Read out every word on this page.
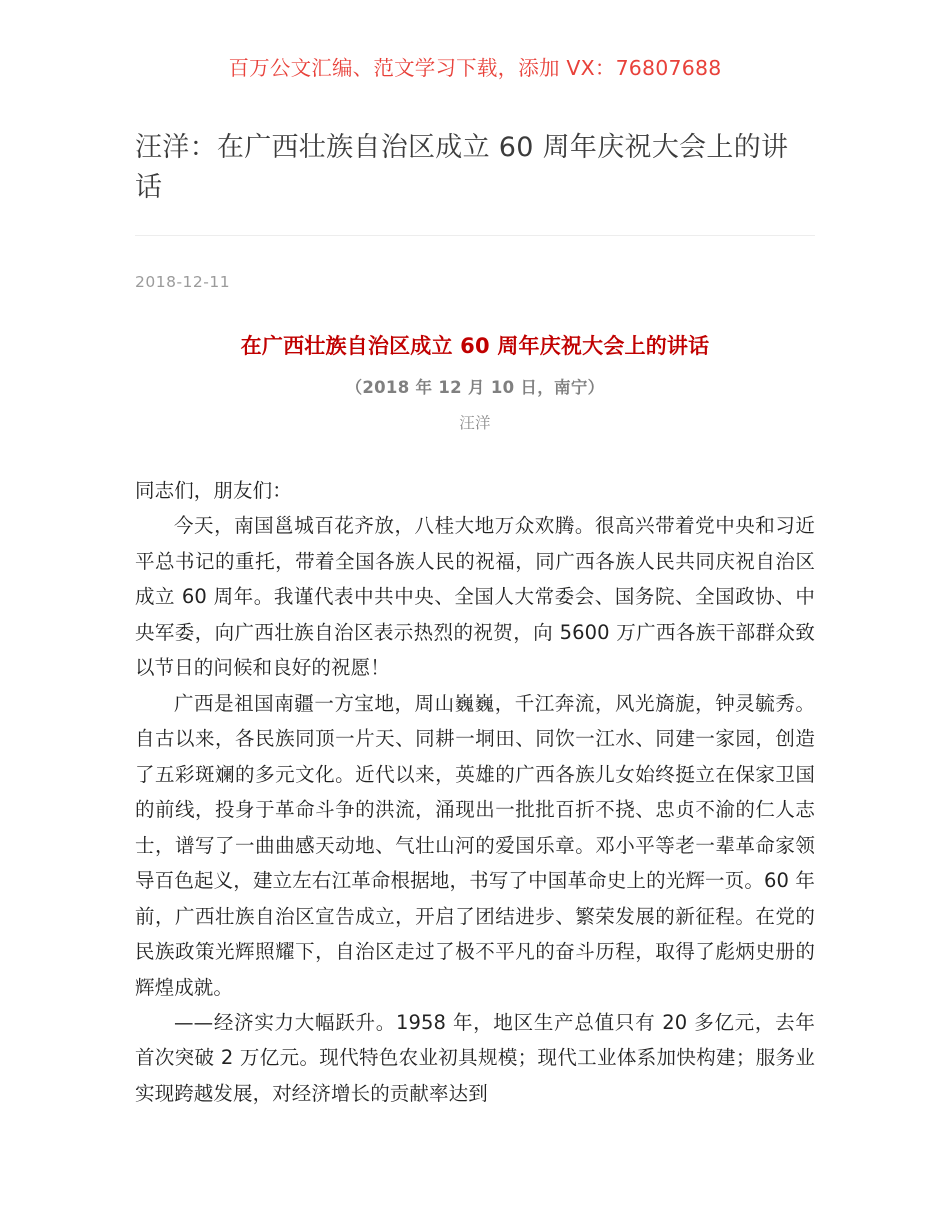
百万公文汇编、范文学习下载，添加 VX：76807688
汪洋：在广西壮族自治区成立 60 周年庆祝大会上的讲话
2018-12-11
在广西壮族自治区成立 60 周年庆祝大会上的讲话
（2018 年 12 月 10 日，南宁）
汪洋

同志们，朋友们：

今天，南国邕城百花齐放，八桂大地万众欢腾。很高兴带着党中央和习近平总书记的重托，带着全国各族人民的祝福，同广西各族人民共同庆祝自治区成立 60 周年。我谨代表中共中央、全国人大常委会、国务院、全国政协、中央军委，向广西壮族自治区表示热烈的祝贺，向 5600 万广西各族干部群众致以节日的问候和良好的祝愿！

广西是祖国南疆一方宝地，周山巍巍，千江奔流，风光旖旎，钟灵毓秀。自古以来，各民族同顶一片天、同耕一垌田、同饮一江水、同建一家园，创造了五彩斑斓的多元文化。近代以来，英雄的广西各族儿女始终挺立在保家卫国的前线，投身于革命斗争的洪流，涌现出一批批百折不挠、忠贞不渝的仁人志士，谱写了一曲曲感天动地、气壮山河的爱国乐章。邓小平等老一辈革命家领导百色起义，建立左右江革命根据地，书写了中国革命史上的光辉一页。60 年前，广西壮族自治区宣告成立，开启了团结进步、繁荣发展的新征程。在党的民族政策光辉照耀下，自治区走过了极不平凡的奋斗历程，取得了彪炳史册的辉煌成就。

——经济实力大幅跃升。1958 年，地区生产总值只有 20 多亿元，去年首次突破 2 万亿元。现代特色农业初具规模；现代工业体系加快构建；服务业实现跨越发展，对经济增长的贡献率达到
